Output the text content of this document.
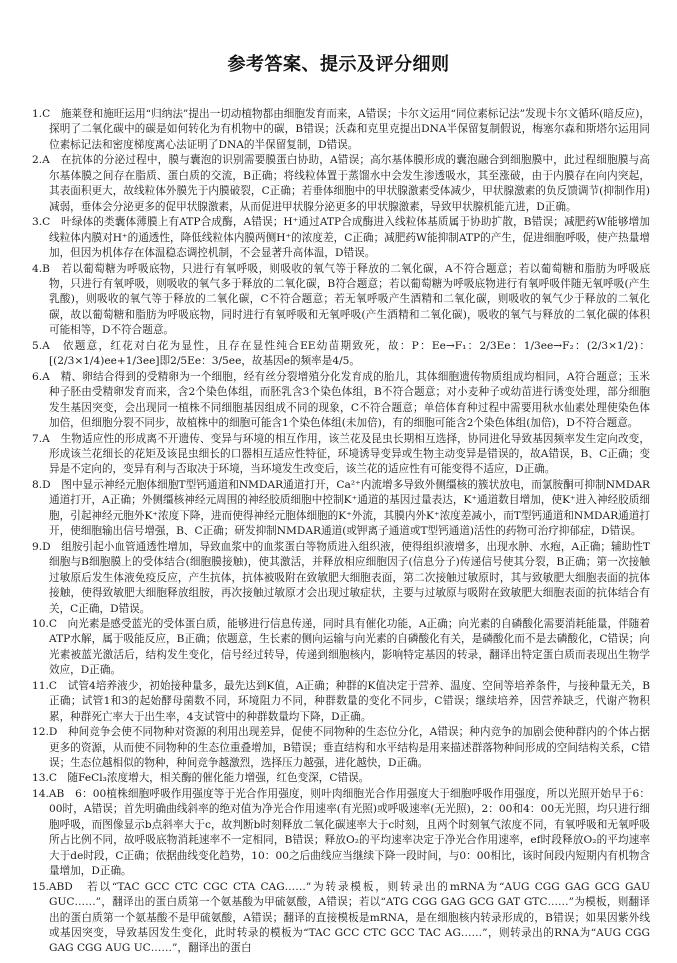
参考答案、提示及评分细则

1.C　施莱登和施旺运用“归纳法”提出一切动植物都由细胞发育而来，A错误；卡尔文运用“同位素标记法”发现卡尔文循环(暗反应)，探明了二氧化碳中的碳是如何转化为有机物中的碳，B错误；沃森和克里克提出DNA半保留复制假说，梅塞尔森和斯塔尔运用同位素标记法和密度梯度离心法证明了DNA的半保留复制，D错误。

2.A　在抗体的分泌过程中，膜与囊泡的识别需要膜蛋白协助，A错误；高尔基体膜形成的囊泡融合到细胞膜中，此过程细胞膜与高尔基体膜之间存在脂质、蛋白质的交流，B正确；将线粒体置于蒸馏水中会发生渗透吸水，其至涨破，由于内膜存在向内突起，其表面积更大，故线粒体外膜先于内膜破裂，C正确；若垂体细胞中的甲状腺激素受体减少，甲状腺激素的负反馈调节(抑制作用)减弱，垂体会分泌更多的促甲状腺激素，从而促进甲状腺分泌更多的甲状腺激素，导致甲状腺机能亢进，D正确。

3.C　叶绿体的类囊体薄膜上有ATP合成酶，A错误；H⁺通过ATP合成酶进入线粒体基质属于协助扩散，B错误；减肥药W能够增加线粒体内膜对H⁺的通透性，降低线粒体内膜两侧H⁺的浓度差，C正确；减肥药W能抑制ATP的产生，促进细胞呼吸，使产热量增加，但因为机体存在体温稳态调控机制，不会显著升高体温，D错误。

4.B　若以葡萄糖为呼吸底物，只进行有氧呼吸，则吸收的氧气等于释放的二氧化碳，A不符合题意；若以葡萄糖和脂肪为呼吸底物，只进行有氧呼吸，则吸收的氧气多于释放的二氧化碳，B符合题意；若以葡萄糖为呼吸底物进行有氧呼吸伴随无氧呼吸(产生乳酸)，则吸收的氧气等于释放的二氧化碳，C不符合题意；若无氧呼吸产生酒精和二氧化碳，则吸收的氧气少于释放的二氧化碳，故以葡萄糖和脂肪为呼吸底物，同时进行有氧呼吸和无氧呼吸(产生酒精和二氧化碳)，吸收的氧气与释放的二氧化碳的体积可能相等，D不符合题意。

5.A　依题意，红花对白花为显性，且存在显性纯合EE幼苗期致死，故：P：Ee→F₁：2/3Ee：1/3ee→F₂：(2/3×1/2)：[(2/3×1/4)ee+1/3ee]即2/5Ee：3/5ee，故基因e的频率是4/5。

6.A　精、卵结合得到的受精卵为一个细胞，经有丝分裂增殖分化发育成的胎儿，其体细胞遗传物质组成均相同，A符合题意；玉米种子胚由受精卵发育而来，含2个染色体组，而胚乳含3个染色体组，B不符合题意；对小麦种子或幼苗进行诱变处理，部分细胞发生基因突变，会出现同一植株不同细胞基因组成不同的现象，C不符合题意；单倍体育种过程中需要用秋水仙素处理使染色体加倍，但细胞分裂不同步，故植株中的细胞可能含1个染色体组(未加倍)，有的细胞可能含2个染色体组(加倍)，D不符合题意。

7.A　生物适应性的形成离不开遗传、变异与环境的相互作用，该兰花及昆虫长期相互选择，协同进化导致基因频率发生定向改变，形成该兰花细长的花矩及该昆虫细长的口器相互适应性特征，环境诱导变异或生物主动变异是错误的，故A错误，B、C正确；变异是不定向的，变异有利与否取决于环境，当环境发生改变后，该兰花的适应性有可能变得不适应，D正确。

8.D　图中显示神经元胞体细胞T型钙通道和NMDAR通道打开，Ca²⁺内流增多导致外侧缰核的簇状放电，而氯胺酮可抑制NMDAR通道打开，A正确；外侧缰核神经元周围的神经胶质细胞中控制K⁺通道的基因过量表达，K⁺通道数目增加，使K⁺进入神经胶质细胞，引起神经元胞外K⁺浓度下降，进而使得神经元胞体细胞的K⁺外流，其膜内外K⁺浓度差减小，而T型钙通道和NMDAR通道打开，使细胞输出信号增强，B、C正确；研发抑制NMDAR通道(或钾离子通道或T型钙通道)活性的药物可治疗抑郁症，D错误。

9.D　组胺引起小血管通透性增加，导致血浆中的血浆蛋白等物质进入组织液，使得组织液增多，出现水肿、水疱，A正确；辅助性T细胞与B细胞膜上的受体结合(细胞膜接触)，使其激活，并释放相应细胞因子(信息分子)传递信号使其分裂，B正确；第一次接触过敏原后发生体液免疫反应，产生抗体，抗体被吸附在致敏肥大细胞表面，第二次接触过敏原时，其与致敏肥大细胞表面的抗体接触，使得致敏肥大细胞释放组胺，再次接触过敏原才会出现过敏症状，主要与过敏原与吸附在致敏肥大细胞表面的抗体结合有关，C正确，D错误。

10.C　向光素是感受蓝光的受体蛋白质，能够进行信息传递，同时具有催化功能，A正确；向光素的自磷酸化需要消耗能量，伴随着ATP水解，属于吸能反应，B正确；依题意，生长素的侧向运输与向光素的自磷酸化有关，是磷酸化而不是去磷酸化，C错误；向光素被蓝光激活后，结构发生变化，信号经过转导，传递到细胞核内，影响特定基因的转录，翻译出特定蛋白质而表现出生物学效应，D正确。

11.C　试管4培养液少，初始接种量多，最先达到K值，A正确；种群的K值决定于营养、温度、空间等培养条件，与接种量无关，B正确；试管1和3的起始酵母菌数不同，环境阻力不同，种群数量的变化不同步，C错误；继续培养，因营养缺乏，代谢产物积累，种群死亡率大于出生率，4支试管中的种群数量均下降，D正确。

12.D　种间竞争会使不同物种对资源的利用出现差异，促使不同物种的生态位分化，A错误；种内竞争的加剧会使种群内的个体占据更多的资源，从而使不同物种的生态位重叠增加，B错误；垂直结构和水平结构是用来描述群落物种间形成的空间结构关系，C错误；生态位越相似的物种，种间竞争越激烈，选择压力越强，进化越快，D正确。

13.C　随FeCl₃浓度增大，相关酶的催化能力增强，红色变深，C错误。

14.AB　6：00植株细胞呼吸作用强度等于光合作用强度，则叶肉细胞光合作用强度大于细胞呼吸作用强度，所以光照开始早于6：00时，A错误；首先明确曲线斜率的绝对值为净光合作用速率(有光照)或呼吸速率(无光照)，2：00和4：00无光照，均只进行细胞呼吸，而图像显示b点斜率大于c，故判断b时刻释放二氧化碳速率大于c时刻，且两个时刻氧气浓度不同，有氧呼吸和无氧呼吸所占比例不同，故呼吸底物消耗速率不一定相同，B错误；释放O₂的平均速率决定于净光合作用速率，ef时段释放O₂的平均速率大于de时段，C正确；依据曲线变化趋势，10：00之后曲线应当继续下降一段时间，与0：00相比，该时间段内短期内有机物含量增加，D正确。

15.ABD　若以“TAC GCC CTC CGC CTA CAG……”为转录模板，则转录出的mRNA为“AUG CGG GAG GCG GAU GUC……”，翻译出的蛋白质第一个氨基酸为甲硫氨酸，A错误；若以“ATG CGG GAG GCG GAT GTC……”为模板，则翻译出的蛋白质第一个氨基酸不是甲硫氨酸，A错误；翻译的直接模板是mRNA，是在细胞核内转录形成的，B错误；如果因紫外线或基因突变，导致基因发生变化，此时转录的模板为“TAC GCC CTC GCC TAC AG……”，则转录出的RNA为“AUG CGG GAG CGG AUG UC……”，翻译出的蛋白
